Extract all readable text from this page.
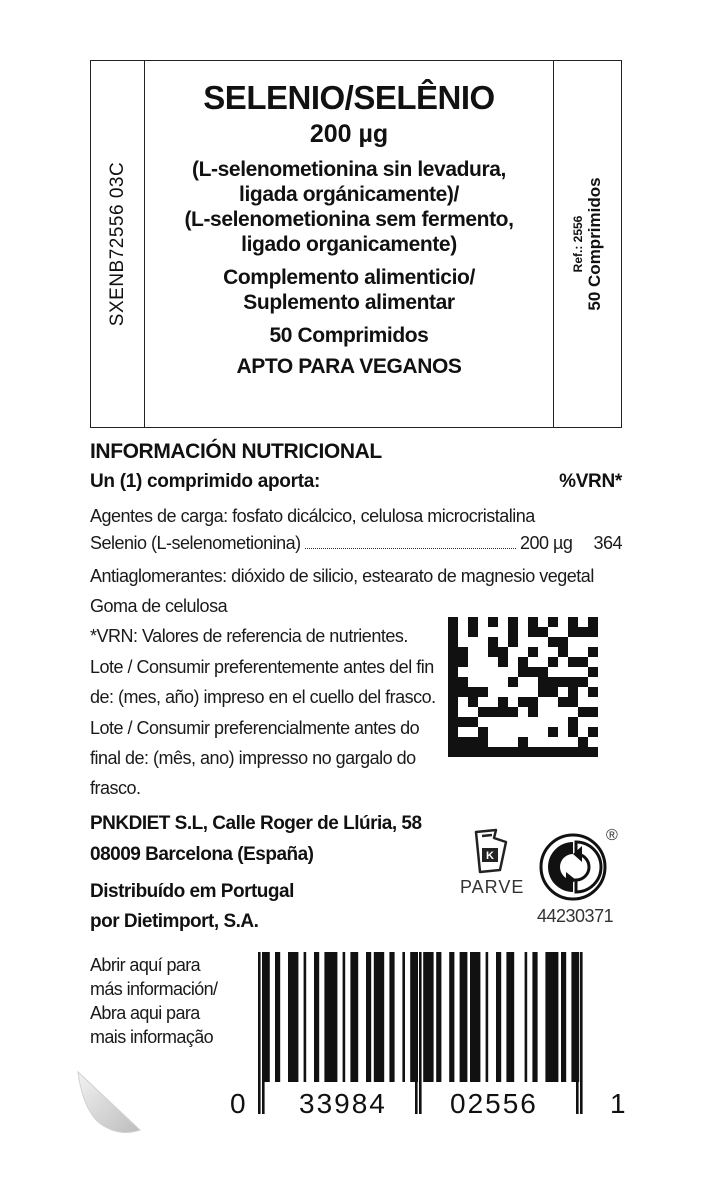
SXENB72556 03C
SELENIO/SELÊNIO
200 µg
(L-selenometionina sin levadura,
ligada orgánicamente)/
(L-selenometionina sem fermento,
ligado organicamente)
Complemento alimenticio/
Suplemento alimentar
50 Comprimidos
APTO PARA VEGANOS
Ref.: 2556 50 Comprimidos
INFORMACIÓN NUTRICIONAL
Un (1) comprimido aporta:	%VRN*
Agentes de carga: fosfato dicálcico, celulosa microcristalina
Selenio (L-selenometionina)	200 µg 364
Antiaglomerantes: dióxido de silicio, estearato de magnesio vegetal
Goma de celulosa
*VRN: Valores de referencia de nutrientes.
Lote / Consumir preferentemente antes del fin
de: (mes, año) impreso en el cuello del frasco.
Lote / Consumir preferencialmente antes do
final de: (mês, ano) impresso no gargalo do
frasco.
PNKDIET S.L, Calle Roger de Llúria, 58
08009 Barcelona (España)
Distribuído em Portugal
por Dietimport, S.A.
K
PARVE
®
44230371
Abrir aquí para
más información/
Abra aqui para
mais informação
0 33984 02556	1
